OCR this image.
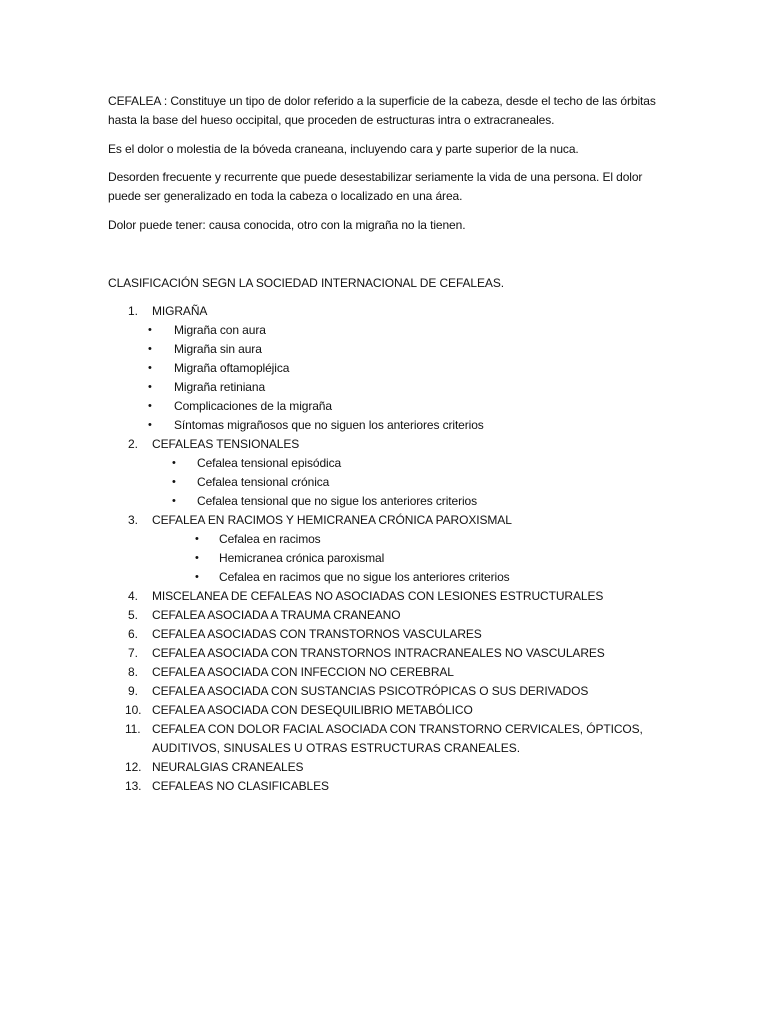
CEFALEA : Constituye un tipo de dolor referido a la superficie de la cabeza, desde el techo de las órbitas hasta la base del hueso occipital, que proceden de estructuras intra o extracraneales.

Es el dolor o molestia de la bóveda craneana, incluyendo cara y parte superior de la nuca.

Desorden frecuente y recurrente que puede desestabilizar seriamente la vida de una persona. El dolor puede ser generalizado en toda la cabeza o localizado en una área.

Dolor puede tener: causa conocida, otro con la migraña no la tienen.

CLASIFICACIÓN SEGN LA SOCIEDAD INTERNACIONAL DE CEFALEAS.

1.	MIGRAÑA
• Migraña con aura
• Migraña sin aura
• Migraña oftamopléjica
• Migraña retiniana
• Complicaciones de la migraña
• Síntomas migrañosos que no siguen los anteriores criterios
2.	CEFALEAS TENSIONALES
• Cefalea tensional episódica
• Cefalea tensional crónica
• Cefalea tensional que no sigue los anteriores criterios
3.	CEFALEA EN RACIMOS Y HEMICRANEA CRÓNICA PAROXISMAL
• Cefalea en racimos
• Hemicranea crónica paroxismal
• Cefalea en racimos que no sigue los anteriores criterios
4.	MISCELANEA DE CEFALEAS NO ASOCIADAS CON LESIONES ESTRUCTURALES
5.	CEFALEA ASOCIADA A TRAUMA CRANEANO
6.	CEFALEA ASOCIADAS CON TRANSTORNOS VASCULARES
7.	CEFALEA ASOCIADA CON TRANSTORNOS INTRACRANEALES NO VASCULARES
8.	CEFALEA ASOCIADA CON INFECCION NO CEREBRAL
9.	CEFALEA ASOCIADA CON SUSTANCIAS PSICOTRÓPICAS O SUS DERIVADOS
10. CEFALEA ASOCIADA CON DESEQUILIBRIO METABÓLICO
11. CEFALEA CON DOLOR FACIAL ASOCIADA CON TRANSTORNO CERVICALES, ÓPTICOS,
AUDITIVOS, SINUSALES U OTRAS ESTRUCTURAS CRANEALES.
12. NEURALGIAS CRANEALES
13. CEFALEAS NO CLASIFICABLES
